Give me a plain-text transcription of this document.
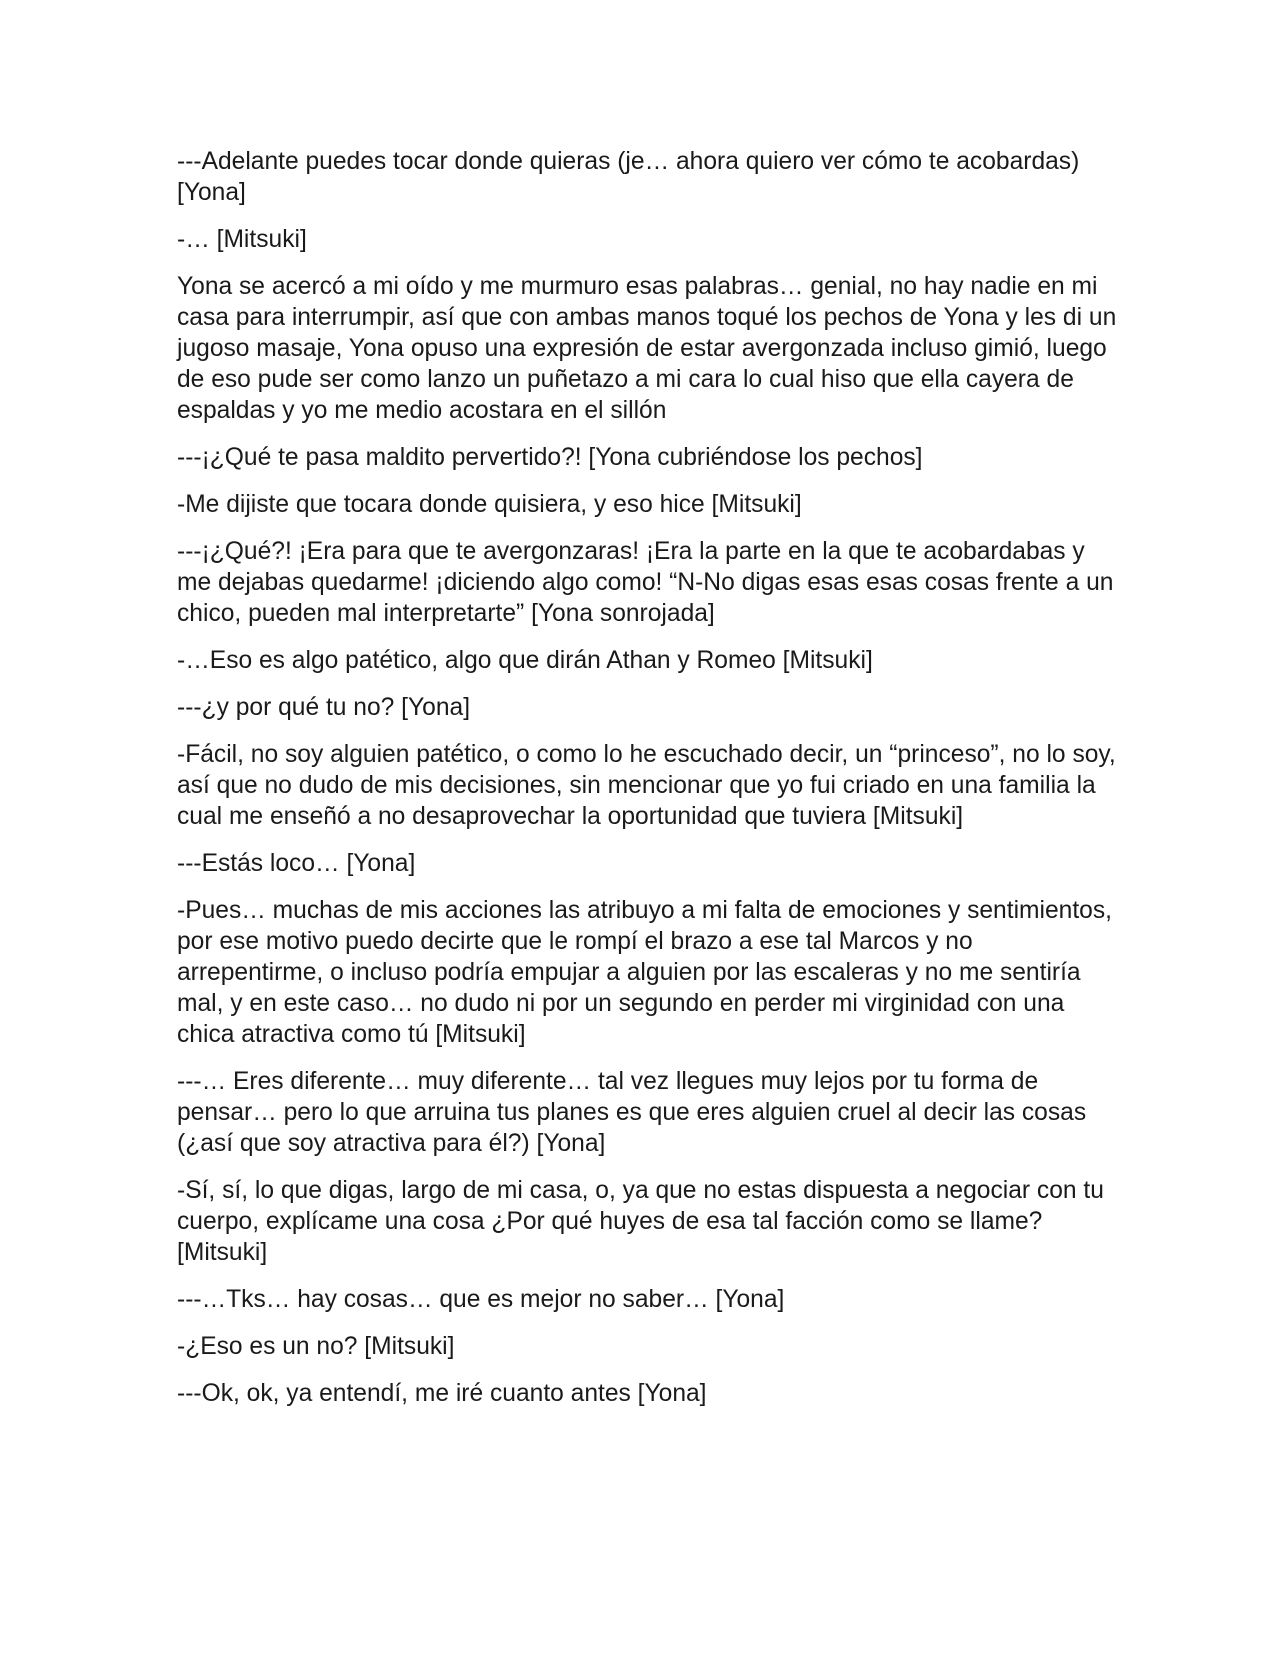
---Adelante puedes tocar donde quieras (je… ahora quiero ver cómo te acobardas) [Yona]

-… [Mitsuki]

Yona se acercó a mi oído y me murmuro esas palabras… genial, no hay nadie en mi casa para interrumpir, así que con ambas manos toqué los pechos de Yona y les di un jugoso masaje, Yona opuso una expresión de estar avergonzada incluso gimió, luego de eso pude ser como lanzo un puñetazo a mi cara lo cual hiso que ella cayera de espaldas y yo me medio acostara en el sillón

---¡¿Qué te pasa maldito pervertido?! [Yona cubriéndose los pechos]

-Me dijiste que tocara donde quisiera, y eso hice [Mitsuki]

---¡¿Qué?! ¡Era para que te avergonzaras! ¡Era la parte en la que te acobardabas y me dejabas quedarme! ¡diciendo algo como! “N-No digas esas esas cosas frente a un chico, pueden mal interpretarte” [Yona sonrojada]

-…Eso es algo patético, algo que dirán Athan y Romeo [Mitsuki]

---¿y por qué tu no? [Yona]

-Fácil, no soy alguien patético, o como lo he escuchado decir, un “princeso”, no lo soy, así que no dudo de mis decisiones, sin mencionar que yo fui criado en una familia la cual me enseñó a no desaprovechar la oportunidad que tuviera [Mitsuki]

---Estás loco… [Yona]

-Pues… muchas de mis acciones las atribuyo a mi falta de emociones y sentimientos, por ese motivo puedo decirte que le rompí el brazo a ese tal Marcos y no arrepentirme, o incluso podría empujar a alguien por las escaleras y no me sentiría mal, y en este caso… no dudo ni por un segundo en perder mi virginidad con una chica atractiva como tú [Mitsuki]

---… Eres diferente… muy diferente… tal vez llegues muy lejos por tu forma de pensar… pero lo que arruina tus planes es que eres alguien cruel al decir las cosas (¿así que soy atractiva para él?) [Yona]

-Sí, sí, lo que digas, largo de mi casa, o, ya que no estas dispuesta a negociar con tu cuerpo, explícame una cosa ¿Por qué huyes de esa tal facción como se llame? [Mitsuki]

---…Tks… hay cosas… que es mejor no saber… [Yona]

-¿Eso es un no? [Mitsuki]

---Ok, ok, ya entendí, me iré cuanto antes [Yona]
